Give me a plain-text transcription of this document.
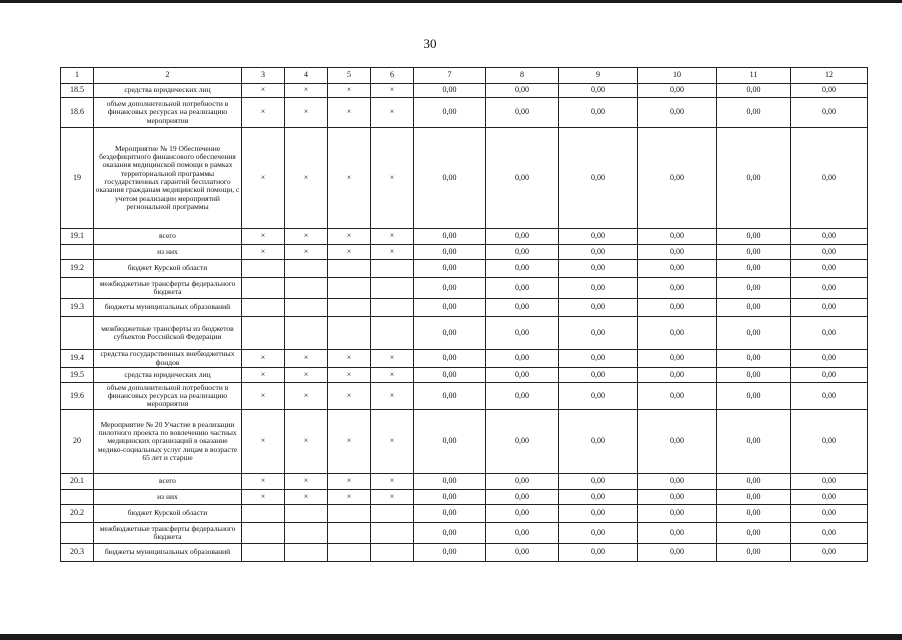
30
1	2	3	4	5	6	7	8	9	10	11	12
18.5	средства юридических лиц	×	×	×	×	0,00	0,00	0,00	0,00	0,00	0,00
18.6	объем дополнительной потребности в финансовых ресурсах на реализацию мероприятия	×	×	×	×	0,00	0,00	0,00	0,00	0,00	0,00
19	Мероприятие № 19 Обеспечение бездефицитного финансового обеспечения оказания медицинской помощи в рамках территориальной программы государственных гарантий бесплатного оказания гражданам медицинской помощи, с учетом реализации мероприятий региональной программы	×	×	×	×	0,00	0,00	0,00	0,00	0,00	0,00
19.1	всего	×	×	×	×	0,00	0,00	0,00	0,00	0,00	0,00
	из них	×	×	×	×	0,00	0,00	0,00	0,00	0,00	0,00
19.2	бюджет Курской области					0,00	0,00	0,00	0,00	0,00	0,00
	межбюджетные трансферты федерального бюджета					0,00	0,00	0,00	0,00	0,00	0,00
19.3	бюджеты муниципальных образований					0,00	0,00	0,00	0,00	0,00	0,00
	межбюджетные трансферты из бюджетов субъектов Российской Федерации					0,00	0,00	0,00	0,00	0,00	0,00
19.4	средства государственных внебюджетных фондов	×	×	×	×	0,00	0,00	0,00	0,00	0,00	0,00
19.5	средства юридических лиц	×	×	×	×	0,00	0,00	0,00	0,00	0,00	0,00
19.6	объем дополнительной потребности в финансовых ресурсах на реализацию мероприятия	×	×	×	×	0,00	0,00	0,00	0,00	0,00	0,00
20	Мероприятие № 20 Участие в реализации пилотного проекта по вовлечению частных медицинских организаций в оказание медико-социальных услуг лицам в возрасте 65 лет и старше	×	×	×	×	0,00	0,00	0,00	0,00	0,00	0,00
20.1	всего	×	×	×	×	0,00	0,00	0,00	0,00	0,00	0,00
	из них	×	×	×	×	0,00	0,00	0,00	0,00	0,00	0,00
20.2	бюджет Курской области					0,00	0,00	0,00	0,00	0,00	0,00
	межбюджетные трансферты федерального бюджета					0,00	0,00	0,00	0,00	0,00	0,00
20.3	бюджеты муниципальных образований					0,00	0,00	0,00	0,00	0,00	0,00
